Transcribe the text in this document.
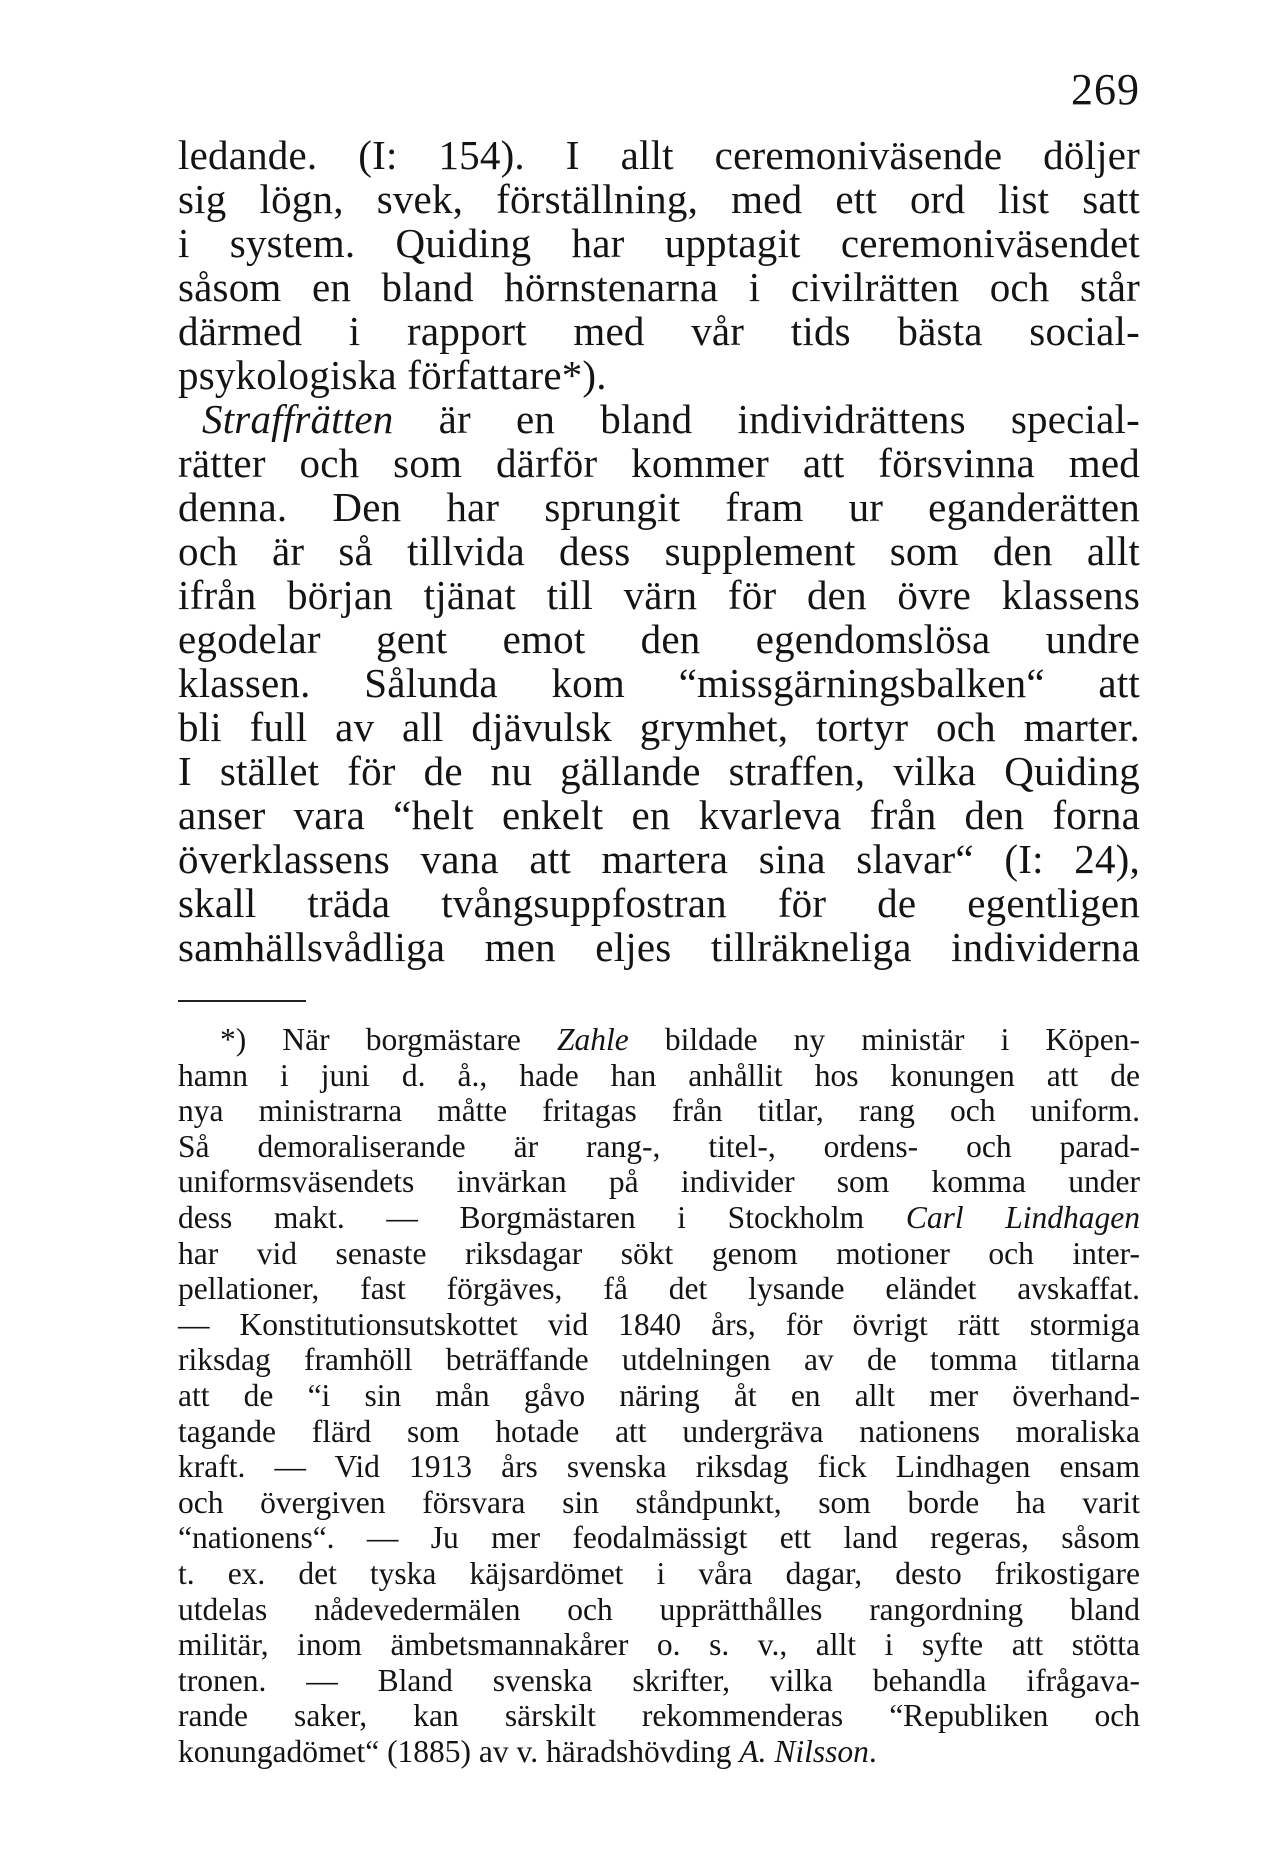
269
ledande. (I: 154). I allt ceremoniväsende döljer
sig lögn, svek, förställning, med ett ord list satt
i system. Quiding har upptagit ceremoniväsendet
såsom en bland hörnstenarna i civilrätten och står
därmed i rapport med vår tids bästa social-
psykologiska författare*).
Straffrätten är en bland individrättens special-
rätter och som därför kommer att försvinna med
denna. Den har sprungit fram ur eganderätten
och är så tillvida dess supplement som den allt
ifrån början tjänat till värn för den övre klassens
egodelar gent emot den egendomslösa undre
klassen. Sålunda kom “missgärningsbalken“ att
bli full av all djävulsk grymhet, tortyr och marter.
I stället för de nu gällande straffen, vilka Quiding
anser vara “helt enkelt en kvarleva från den forna
överklassens vana att martera sina slavar“ (I: 24),
skall träda tvångsuppfostran för de egentligen
samhällsvådliga men eljes tillräkneliga individerna
*) När borgmästare Zahle bildade ny ministär i Köpen-
hamn i juni d. å., hade han anhållit hos konungen att de
nya ministrarna måtte fritagas från titlar, rang och uniform.
Så demoraliserande är rang-, titel-, ordens- och parad-
uniformsväsendets invärkan på individer som komma under
dess makt. — Borgmästaren i Stockholm Carl Lindhagen
har vid senaste riksdagar sökt genom motioner och inter-
pellationer, fast förgäves, få det lysande eländet avskaffat.
— Konstitutionsutskottet vid 1840 års, för övrigt rätt stormiga
riksdag framhöll beträffande utdelningen av de tomma titlarna
att de “i sin mån gåvo näring åt en allt mer överhand-
tagande flärd som hotade att undergräva nationens moraliska
kraft. — Vid 1913 års svenska riksdag fick Lindhagen ensam
och övergiven försvara sin ståndpunkt, som borde ha varit
“nationens“. — Ju mer feodalmässigt ett land regeras, såsom
t. ex. det tyska käjsardömet i våra dagar, desto frikostigare
utdelas nådevedermälen och upprätthålles rangordning bland
militär, inom ämbetsmannakårer o. s. v., allt i syfte att stötta
tronen. — Bland svenska skrifter, vilka behandla ifrågava-
rande saker, kan särskilt rekommenderas “Republiken och
konungadömet“ (1885) av v. häradshövding A. Nilsson.
